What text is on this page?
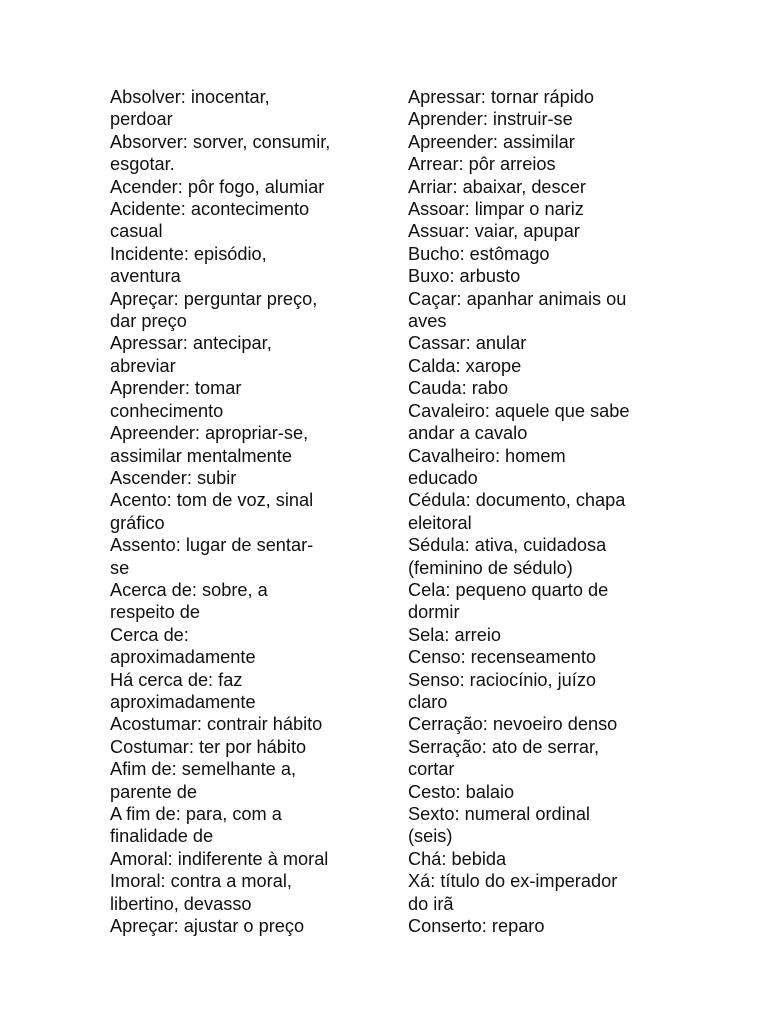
Absolver: inocentar,
perdoar
Absorver: sorver, consumir,
esgotar.
Acender: pôr fogo, alumiar
Acidente: acontecimento
casual
Incidente: episódio,
aventura
Apreçar: perguntar preço,
dar preço
Apressar: antecipar,
abreviar
Aprender: tomar
conhecimento
Apreender: apropriar-se,
assimilar mentalmente
Ascender: subir
Acento: tom de voz, sinal
gráfico
Assento: lugar de sentar-
se
Acerca de: sobre, a
respeito de
Cerca de:
aproximadamente
Há cerca de: faz
aproximadamente
Acostumar: contrair hábito
Costumar: ter por hábito
Afim de: semelhante a,
parente de
A fim de: para, com a
finalidade de
Amoral: indiferente à moral
Imoral: contra a moral,
libertino, devasso
Apreçar: ajustar o preço
Apressar: tornar rápido
Aprender: instruir-se
Apreender: assimilar
Arrear: pôr arreios
Arriar: abaixar, descer
Assoar: limpar o nariz
Assuar: vaiar, apupar
Bucho: estômago
Buxo: arbusto
Caçar: apanhar animais ou
aves
Cassar: anular
Calda: xarope
Cauda: rabo
Cavaleiro: aquele que sabe
andar a cavalo
Cavalheiro: homem
educado
Cédula: documento, chapa
eleitoral
Sédula: ativa, cuidadosa
(feminino de sédulo)
Cela: pequeno quarto de
dormir
Sela: arreio
Censo: recenseamento
Senso: raciocínio, juízo
claro
Cerração: nevoeiro denso
Serração: ato de serrar,
cortar
Cesto: balaio
Sexto: numeral ordinal
(seis)
Chá: bebida
Xá: título do ex-imperador
do irã
Conserto: reparo
